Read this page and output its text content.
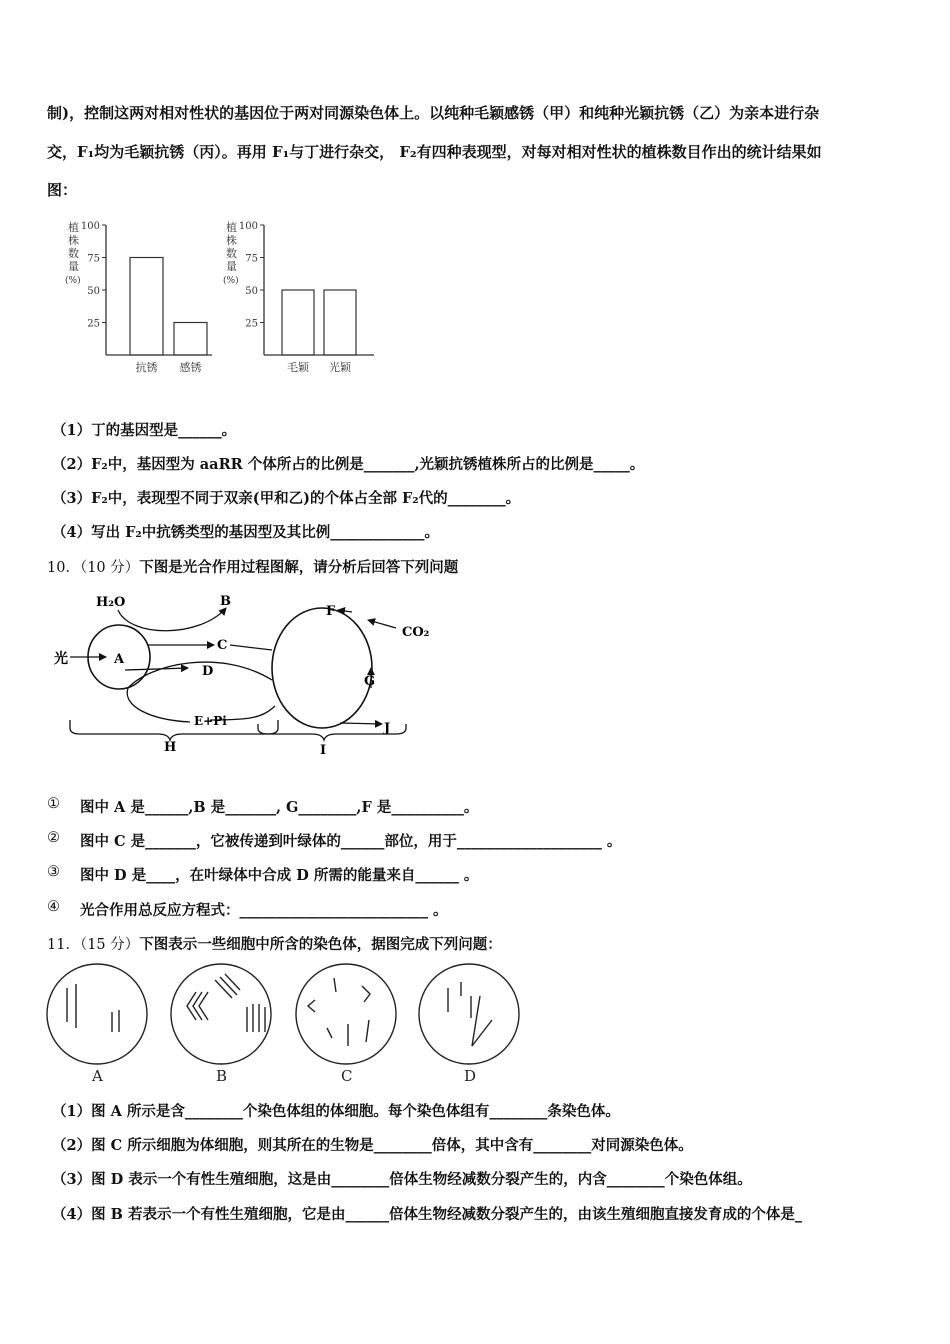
制)，控制这两对相对性状的基因位于两对同源染色体上。以纯种毛颖感锈（甲）和纯种光颖抗锈（乙）为亲本进行杂
交，F₁均为毛颖抗锈（丙）。再用 F₁与丁进行杂交， F₂有四种表现型，对每对相对性状的植株数目作出的统计结果如
图：
植株数量(%)
100
75
50
25
抗锈 感锈
植株数量(%)
100
75
50
25
毛颖 光颖
（1）丁的基因型是______。
（2）F₂中，基因型为 aaRR 个体所占的比例是_______,光颖抗锈植株所占的比例是_____。
（3）F₂中，表现型不同于双亲(甲和乙)的个体占全部 F₂代的________。
（4）写出 F₂中抗锈类型的基因型及其比例_____________。
10．（10 分）下图是光合作用过程图解，请分析后回答下列问题
H₂O	B
C
光	A
D
E+Pi
H
F
CO₂
G
J
I
① 图中 A 是______,B 是_______, G________,F 是__________。
② 图中 C 是_______，它被传递到叶绿体的______部位，用于____________________ 。
③ 图中 D 是____，在叶绿体中合成 D 所需的能量来自______ 。
④ 光合作用总反应方程式：__________________________ 。
11．（15 分）下图表示一些细胞中所含的染色体，据图完成下列问题：
A	B	C	D
（1）图 A 所示是含________个染色体组的体细胞。每个染色体组有________条染色体。
（2）图 C 所示细胞为体细胞，则其所在的生物是________倍体，其中含有________对同源染色体。
（3）图 D 表示一个有性生殖细胞，这是由________倍体生物经减数分裂产生的，内含________个染色体组。
（4）图 B 若表示一个有性生殖细胞，它是由______倍体生物经减数分裂产生的，由该生殖细胞直接发育成的个体是_
